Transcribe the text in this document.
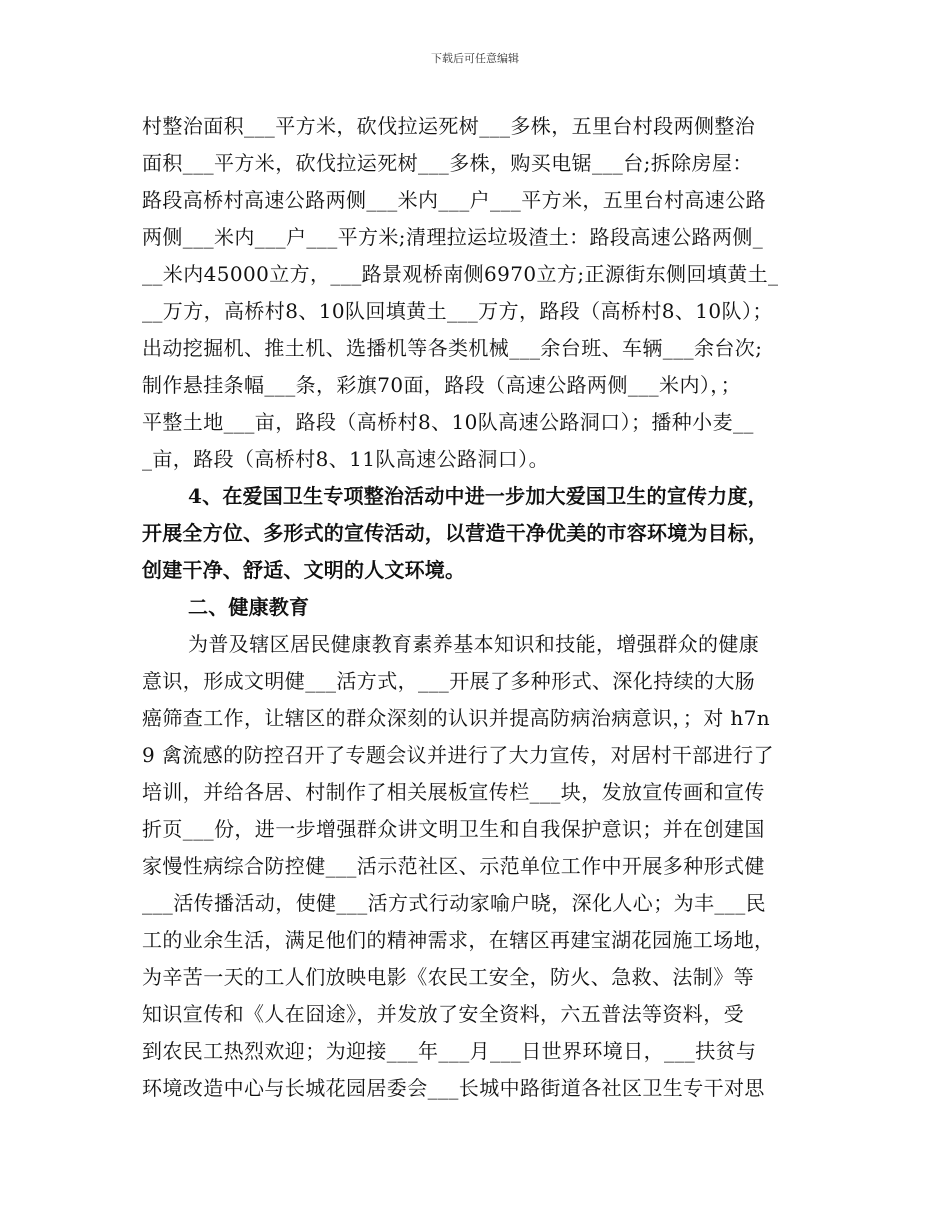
下载后可任意编辑
村整治面积___平方米，砍伐拉运死树___多株，五里台村段两侧整治
面积___平方米，砍伐拉运死树___多株，购买电锯___台;拆除房屋：
路段高桥村高速公路两侧___米内___户___平方米，五里台村高速公路
两侧___米内___户___平方米;清理拉运垃圾渣土：路段高速公路两侧_
__米内45000立方，___路景观桥南侧6970立方;正源街东侧回填黄土_
__万方，高桥村8、10队回填黄土___万方，路段（高桥村8、10队）；
出动挖掘机、推土机、选播机等各类机械___余台班、车辆___余台次;
制作悬挂条幅___条，彩旗70面，路段（高速公路两侧___米内），；
平整土地___亩，路段（高桥村8、10队高速公路洞口）；播种小麦__
_亩，路段（高桥村8、11队高速公路洞口）。
4、在爱国卫生专项整治活动中进一步加大爱国卫生的宣传力度，
开展全方位、多形式的宣传活动，以营造干净优美的市容环境为目标，
创建干净、舒适、文明的人文环境。
二、健康教育
为普及辖区居民健康教育素养基本知识和技能，增强群众的健康
意识，形成文明健___活方式，___开展了多种形式、深化持续的大肠
癌筛查工作，让辖区的群众深刻的认识并提高防病治病意识，；对 h7n
9 禽流感的防控召开了专题会议并进行了大力宣传，对居村干部进行了
培训，并给各居、村制作了相关展板宣传栏___块，发放宣传画和宣传
折页___份，进一步增强群众讲文明卫生和自我保护意识；并在创建国
家慢性病综合防控健___活示范社区、示范单位工作中开展多种形式健
___活传播活动，使健___活方式行动家喻户晓，深化人心；为丰___民
工的业余生活，满足他们的精神需求，在辖区再建宝湖花园施工场地，
为辛苦一天的工人们放映电影《农民工安全，防火、急救、法制》等
知识宣传和《人在囧途》，并发放了安全资料，六五普法等资料，受
到农民工热烈欢迎；为迎接___年___月___日世界环境日，___扶贫与
环境改造中心与长城花园居委会___长城中路街道各社区卫生专干对思
